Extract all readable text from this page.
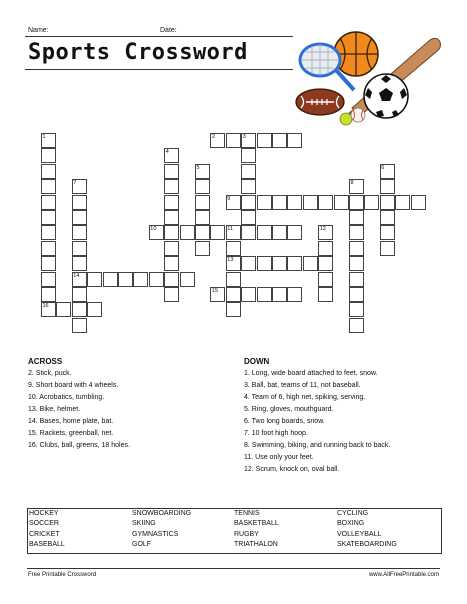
Name:	Date:
Sports Crossword
1	2	3
4
5	6
7	8
9
10	11	12
13
14
15
16
ACROSS
2. Stick, puck.
9. Short board with 4 wheels.
10. Acrobatics, tumbling.
13. Bike, helmet.
14. Bases, home plate, bat.
15. Rackets, greenball, net.
16. Clubs, ball, greens, 18 holes.
DOWN
1. Long, wide board attached to feet, snow.
3. Ball, bat, teams of 11, not baseball.
4. Team of 6, high net, spiking, serving.
5. Ring, gloves, mouthguard.
6. Two long boards, snow.
7. 10 foot high hoop.
8. Swimming, biking, and running back to back.
11. Use only your feet.
12. Scrum, knock on, oval ball.
HOCKEY
SOCCER
CRICKET
BASEBALL
SNOWBOARDING
SKIING
GYMNASTICS
GOLF
TENNIS
BASKETBALL
RUGBY
TRIATHALON
CYCLING
BOXING
VOLLEYBALL
SKATEBOARDING
Free Printable Crossword	www.AllFreePrintable.com
